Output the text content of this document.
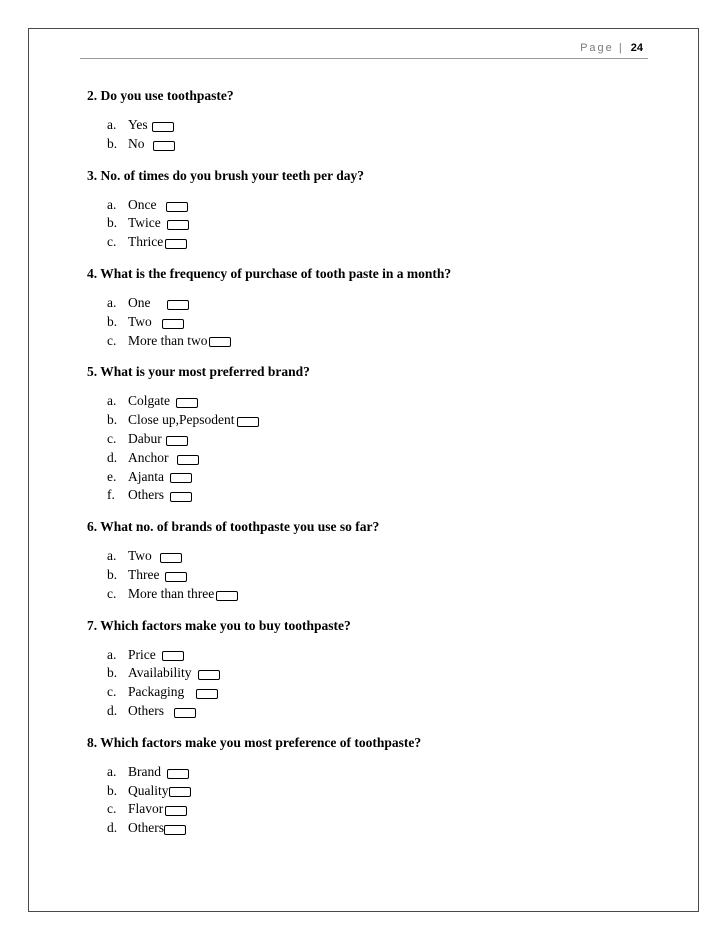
Page | 24

2. Do you use toothpaste?

a. Yes
b. No

3. No. of times do you brush your teeth per day?

a. Once
b. Twice
c. Thrice

4. What is the frequency of purchase of tooth paste in a month?

a. One
b. Two
c. More than two

5. What is your most preferred brand?

a. Colgate
b. Close up,Pepsodent
c. Dabur
d. Anchor
e. Ajanta
f. Others

6. What no. of brands of toothpaste you use so far?

a. Two
b. Three
c. More than three

7. Which factors make you to buy toothpaste?

a. Price
b. Availability
c. Packaging
d. Others

8. Which factors make you most preference of toothpaste?

a. Brand
b. Quality
c. Flavor
d. Others
